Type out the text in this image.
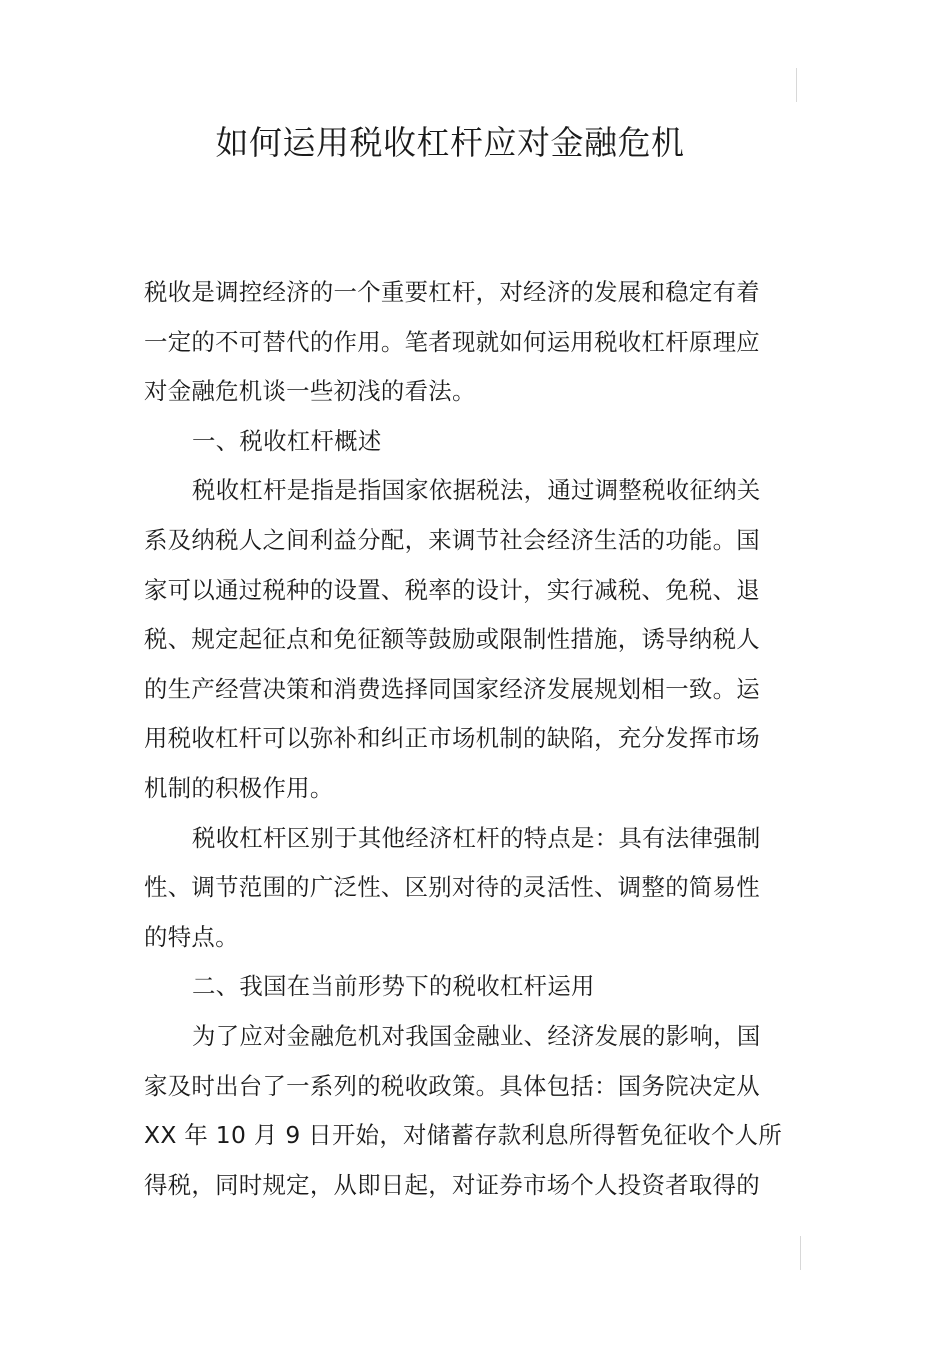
如何运用税收杠杆应对金融危机

税收是调控经济的一个重要杠杆，对经济的发展和稳定有着

一定的不可替代的作用。笔者现就如何运用税收杠杆原理应

对金融危机谈一些初浅的看法。

一、税收杠杆概述

税收杠杆是指是指国家依据税法，通过调整税收征纳关

系及纳税人之间利益分配，来调节社会经济生活的功能。国

家可以通过税种的设置、税率的设计，实行减税、免税、退

税、规定起征点和免征额等鼓励或限制性措施，诱导纳税人

的生产经营决策和消费选择同国家经济发展规划相一致。运

用税收杠杆可以弥补和纠正市场机制的缺陷，充分发挥市场

机制的积极作用。

税收杠杆区别于其他经济杠杆的特点是：具有法律强制

性、调节范围的广泛性、区别对待的灵活性、调整的简易性

的特点。

二、我国在当前形势下的税收杠杆运用

为了应对金融危机对我国金融业、经济发展的影响，国

家及时出台了一系列的税收政策。具体包括：国务院决定从

XX 年 10 月 9 日开始，对储蓄存款利息所得暂免征收个人所

得税，同时规定，从即日起，对证券市场个人投资者取得的
